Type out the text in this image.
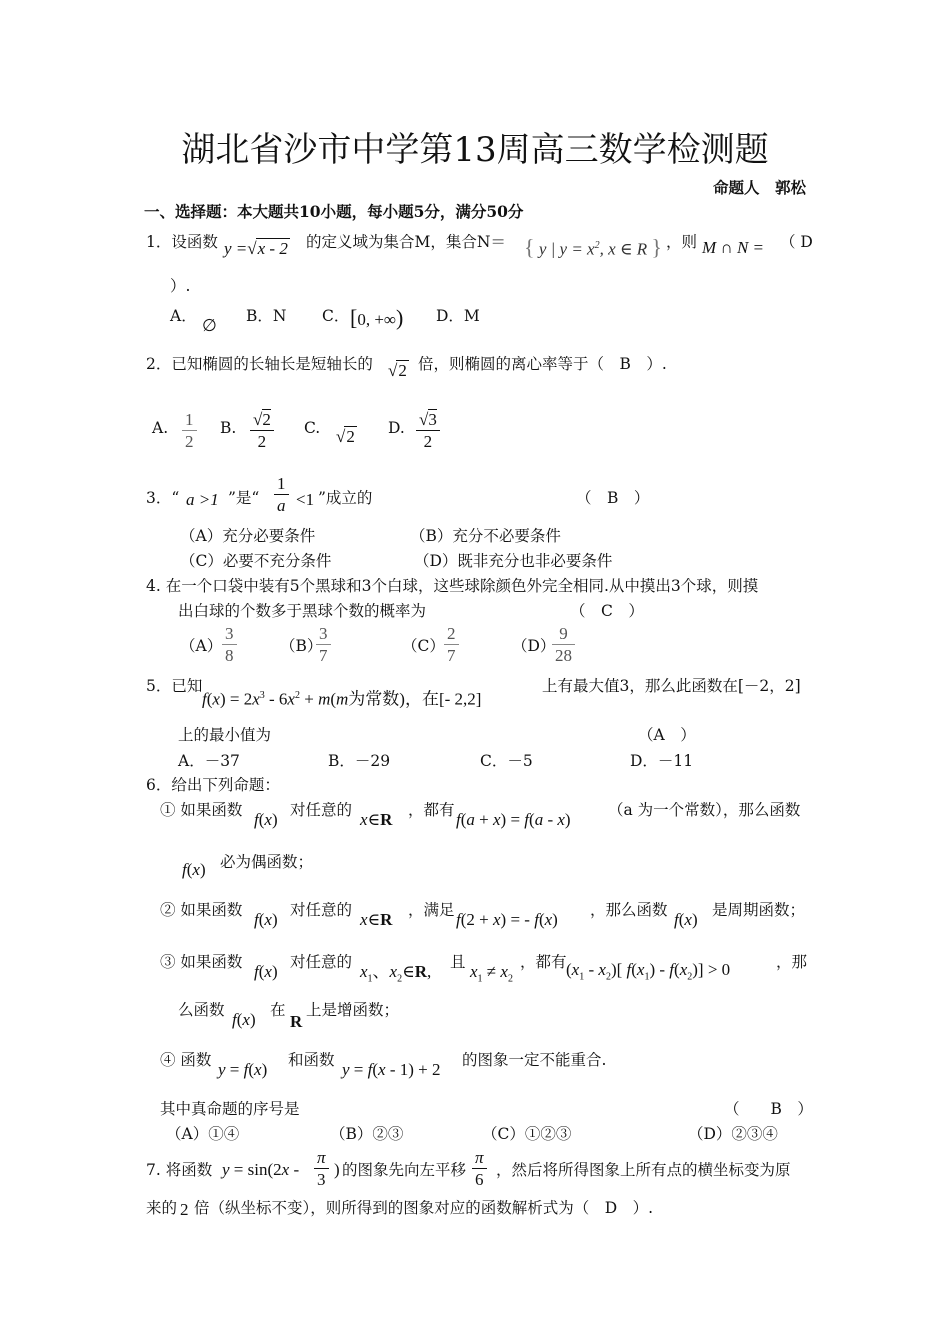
湖北省沙市中学第13周高三数学检测题
命题人　郭松
一、选择题：本大题共10小题，每小题5分，满分50分
1．设函数 y =√x - 2 的定义域为集合M，集合N＝ { y | $y = x^2$, x ∈ R } ，则 M ∩ N = （ D
）.
A． ∅ B．N C． [0, +∞) D．M
2．已知椭圆的长轴长是短轴长的 √2 倍，则椭圆的离心率等于（　B　）.
A. $\frac{1}{2} B$. $\frac{√2}{2} C$. √2 D. $\frac{√3}{2}$
3．“ a >1 ”是“ $\frac{1}{a} <1$ ”成立的	（　B　）
（A）充分必要条件	（B）充分不必要条件
（C）必要不充分条件	（D）既非充分也非必要条件
4. 在一个口袋中装有5个黑球和3个白球，这些球除颜色外完全相同.从中摸出3个球，则摸
出白球的个数多于黑球个数的概率为	（　C　）
$(A) \frac{3}{8}$	（B）
$\frac{3}{7}$	$(C) \frac{2}{7}$	（D）
$\frac{9}{28}$
5．已知
$f(x) = 2x^3 - 6x^2 + m(m$为常数)，在[- 2,2]
上有最大值3，那么此函数在[－2，2]
上的最小值为	（A　）
A．－37	B．－29	C．－5	D．－11
6．给出下列命题：
① 如果函数 f(x) 对任意的 x∈R ，都有 f(a + x) = f(a - x) （a 为一个常数），那么函数
f(x) 必为偶函数；
② 如果函数 f(x) 对任意的 x∈R ，满足 f(2 + x) = - f(x) ，那么函数 f(x) 是周期函数；
③ 如果函数 f(x) 对任意的 $x_1$、$x_2\in R$, 且 $x_1 \ne x_2$
，都有 $(x_1 - x_2)$[ $f(x_1) - f(x_2)] > 0$	，那
么函数 f(x) 在
R
上是增函数；
④ 函数 y = f(x) 和函数 y = f(x - 1) + 2 的图象一定不能重合.
其中真命题的序号是	（　　B　）
（A）①④	（B）②③	（C）①②③	（D）②③④
7. 将函数 $y = \sin(2x - \frac{\pi}{3}$ ) 的图象先向左平移 $\frac{\pi}{6}$ ，然后将所得图象上所有点的横坐标变为原
来的 2 倍（纵坐标不变），则所得到的图象对应的函数解析式为（　D　）.
